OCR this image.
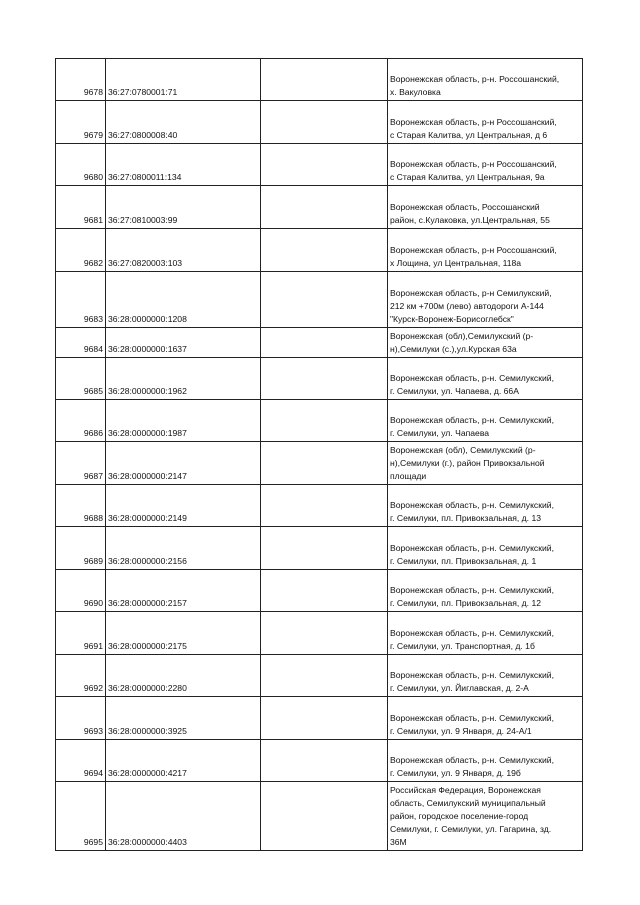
9678	36:27:0780001:71		Воронежская область, р-н. Россошанский,
х. Вакуловка

9679	36:27:0800008:40		Воронежская область, р-н Россошанский,
с Старая Калитва, ул Центральная, д 6

9680	36:27:0800011:134		Воронежская область, р-н Россошанский,
с Старая Калитва, ул Центральная, 9а

9681	36:27:0810003:99		Воронежская область, Россошанский
район, с.Кулаковка, ул.Центральная, 55

9682	36:27:0820003:103		Воронежская область, р-н Россошанский,
х Лощина, ул Центральная, 118а

9683	36:28:0000000:1208		Воронежская область, р-н Семилукский,
212 км +700м (лево) автодороги А-144
"Курск-Воронеж-Борисоглебск"

9684	36:28:0000000:1637		Воронежская (обл),Семилукский (р-
н),Семилуки (с.),ул.Курская 63а

9685	36:28:0000000:1962		Воронежская область, р-н. Семилукский,
г. Семилуки, ул. Чапаева, д. 66А

9686	36:28:0000000:1987		Воронежская область, р-н. Семилукский,
г. Семилуки, ул. Чапаева

9687	36:28:0000000:2147		Воронежская (обл), Семилукский (р-
н),Семилуки (г.), район Привокзальной
площади

9688	36:28:0000000:2149		Воронежская область, р-н. Семилукский,
г. Семилуки, пл. Привокзальная, д. 13

9689	36:28:0000000:2156		Воронежская область, р-н. Семилукский,
г. Семилуки, пл. Привокзальная, д. 1

9690	36:28:0000000:2157		Воронежская область, р-н. Семилукский,
г. Семилуки, пл. Привокзальная, д. 12

9691	36:28:0000000:2175		Воронежская область, р-н. Семилукский,
г. Семилуки, ул. Транспортная, д. 1б

9692	36:28:0000000:2280		Воронежская область, р-н. Семилукский,
г. Семилуки, ул. Йиглавская, д. 2-А

9693	36:28:0000000:3925		Воронежская область, р-н. Семилукский,
г. Семилуки, ул. 9 Января, д. 24-А/1

9694	36:28:0000000:4217		Воронежская область, р-н. Семилукский,
г. Семилуки, ул. 9 Января, д. 19б

9695	36:28:0000000:4403		Российская Федерация, Воронежская
область, Семилукский муниципальный
район, городское поселение-город
Семилуки, г. Семилуки, ул. Гагарина, зд.
36М
